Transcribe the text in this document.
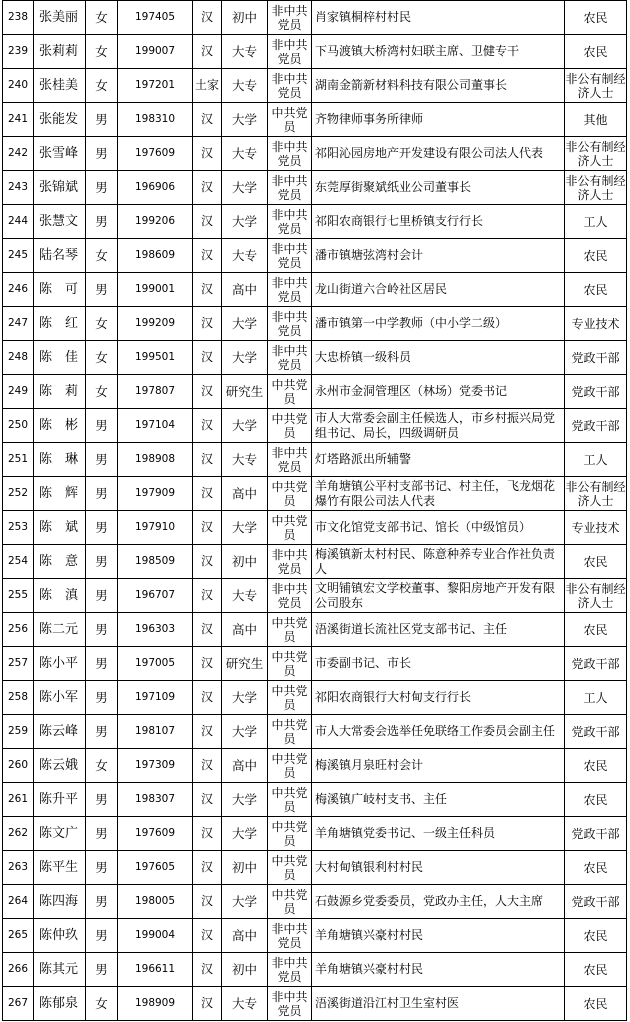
238	张美丽	女	197405	汉	初中	非中共党员	肖家镇桐梓村村民	农民
239	张莉莉	女	199007	汉	大专	非中共党员	下马渡镇大桥湾村妇联主席、卫健专干	农民
240	张桂美	女	197201	土家	大专	非中共党员	湖南金箭新材料科技有限公司董事长	非公有制经济人士
241	张能发	男	198310	汉	大学	中共党员	齐物律师事务所律师	其他
242	张雪峰	男	197609	汉	大专	非中共党员	祁阳沁园房地产开发建设有限公司法人代表	非公有制经济人士
243	张锦斌	男	196906	汉	大学	非中共党员	东莞厚街聚斌纸业公司董事长	非公有制经济人士
244	张慧文	男	199206	汉	大学	非中共党员	祁阳农商银行七里桥镇支行行长	工人
245	陆名琴	女	198609	汉	大专	非中共党员	潘市镇塘弦湾村会计	农民
246	陈　可	男	199001	汉	高中	非中共党员	龙山街道六合岭社区居民	农民
247	陈　红	女	199209	汉	大学	非中共党员	潘市镇第一中学教师（中小学二级）	专业技术
248	陈　佳	女	199501	汉	大学	非中共党员	大忠桥镇一级科员	党政干部
249	陈　莉	女	197807	汉	研究生	中共党员	永州市金洞管理区（林场）党委书记	党政干部
250	陈　彬	男	197104	汉	大学	中共党员	市人大常委会副主任候选人，市乡村振兴局党组书记、局长，四级调研员	党政干部
251	陈　琳	男	198908	汉	大专	非中共党员	灯塔路派出所辅警	工人
252	陈　辉	男	197909	汉	高中	中共党员	羊角塘镇公平村支部书记、村主任，飞龙烟花爆竹有限公司法人代表	非公有制经济人士
253	陈　斌	男	197910	汉	大学	中共党员	市文化馆党支部书记、馆长（中级馆员）	专业技术
254	陈　意	男	198509	汉	初中	非中共党员	梅溪镇新太村村民、陈意种养专业合作社负责人	农民
255	陈　滇	男	196707	汉	大专	非中共党员	文明铺镇宏文学校董事、黎阳房地产开发有限公司股东	非公有制经济人士
256	陈二元	男	196303	汉	高中	中共党员	浯溪街道长流社区党支部书记、主任	农民
257	陈小平	男	197005	汉	研究生	中共党员	市委副书记、市长	党政干部
258	陈小军	男	197109	汉	大学	中共党员	祁阳农商银行大村甸支行行长	工人
259	陈云峰	男	198107	汉	大学	中共党员	市人大常委会选举任免联络工作委员会副主任	党政干部
260	陈云娥	女	197309	汉	高中	中共党员	梅溪镇月泉旺村会计	农民
261	陈升平	男	198307	汉	大学	中共党员	梅溪镇广岐村支书、主任	农民
262	陈文广	男	197609	汉	大学	中共党员	羊角塘镇党委书记、一级主任科员	党政干部
263	陈平生	男	197605	汉	初中	中共党员	大村甸镇银利村村民	农民
264	陈四海	男	198005	汉	大学	中共党员	石鼓源乡党委委员，党政办主任，人大主席	党政干部
265	陈仲玖	男	199004	汉	高中	非中共党员	羊角塘镇兴豪村村民	农民
266	陈其元	男	196611	汉	初中	非中共党员	羊角塘镇兴豪村村民	农民
267	陈郁泉	女	198909	汉	大专	非中共党员	浯溪街道沿江村卫生室村医	农民
